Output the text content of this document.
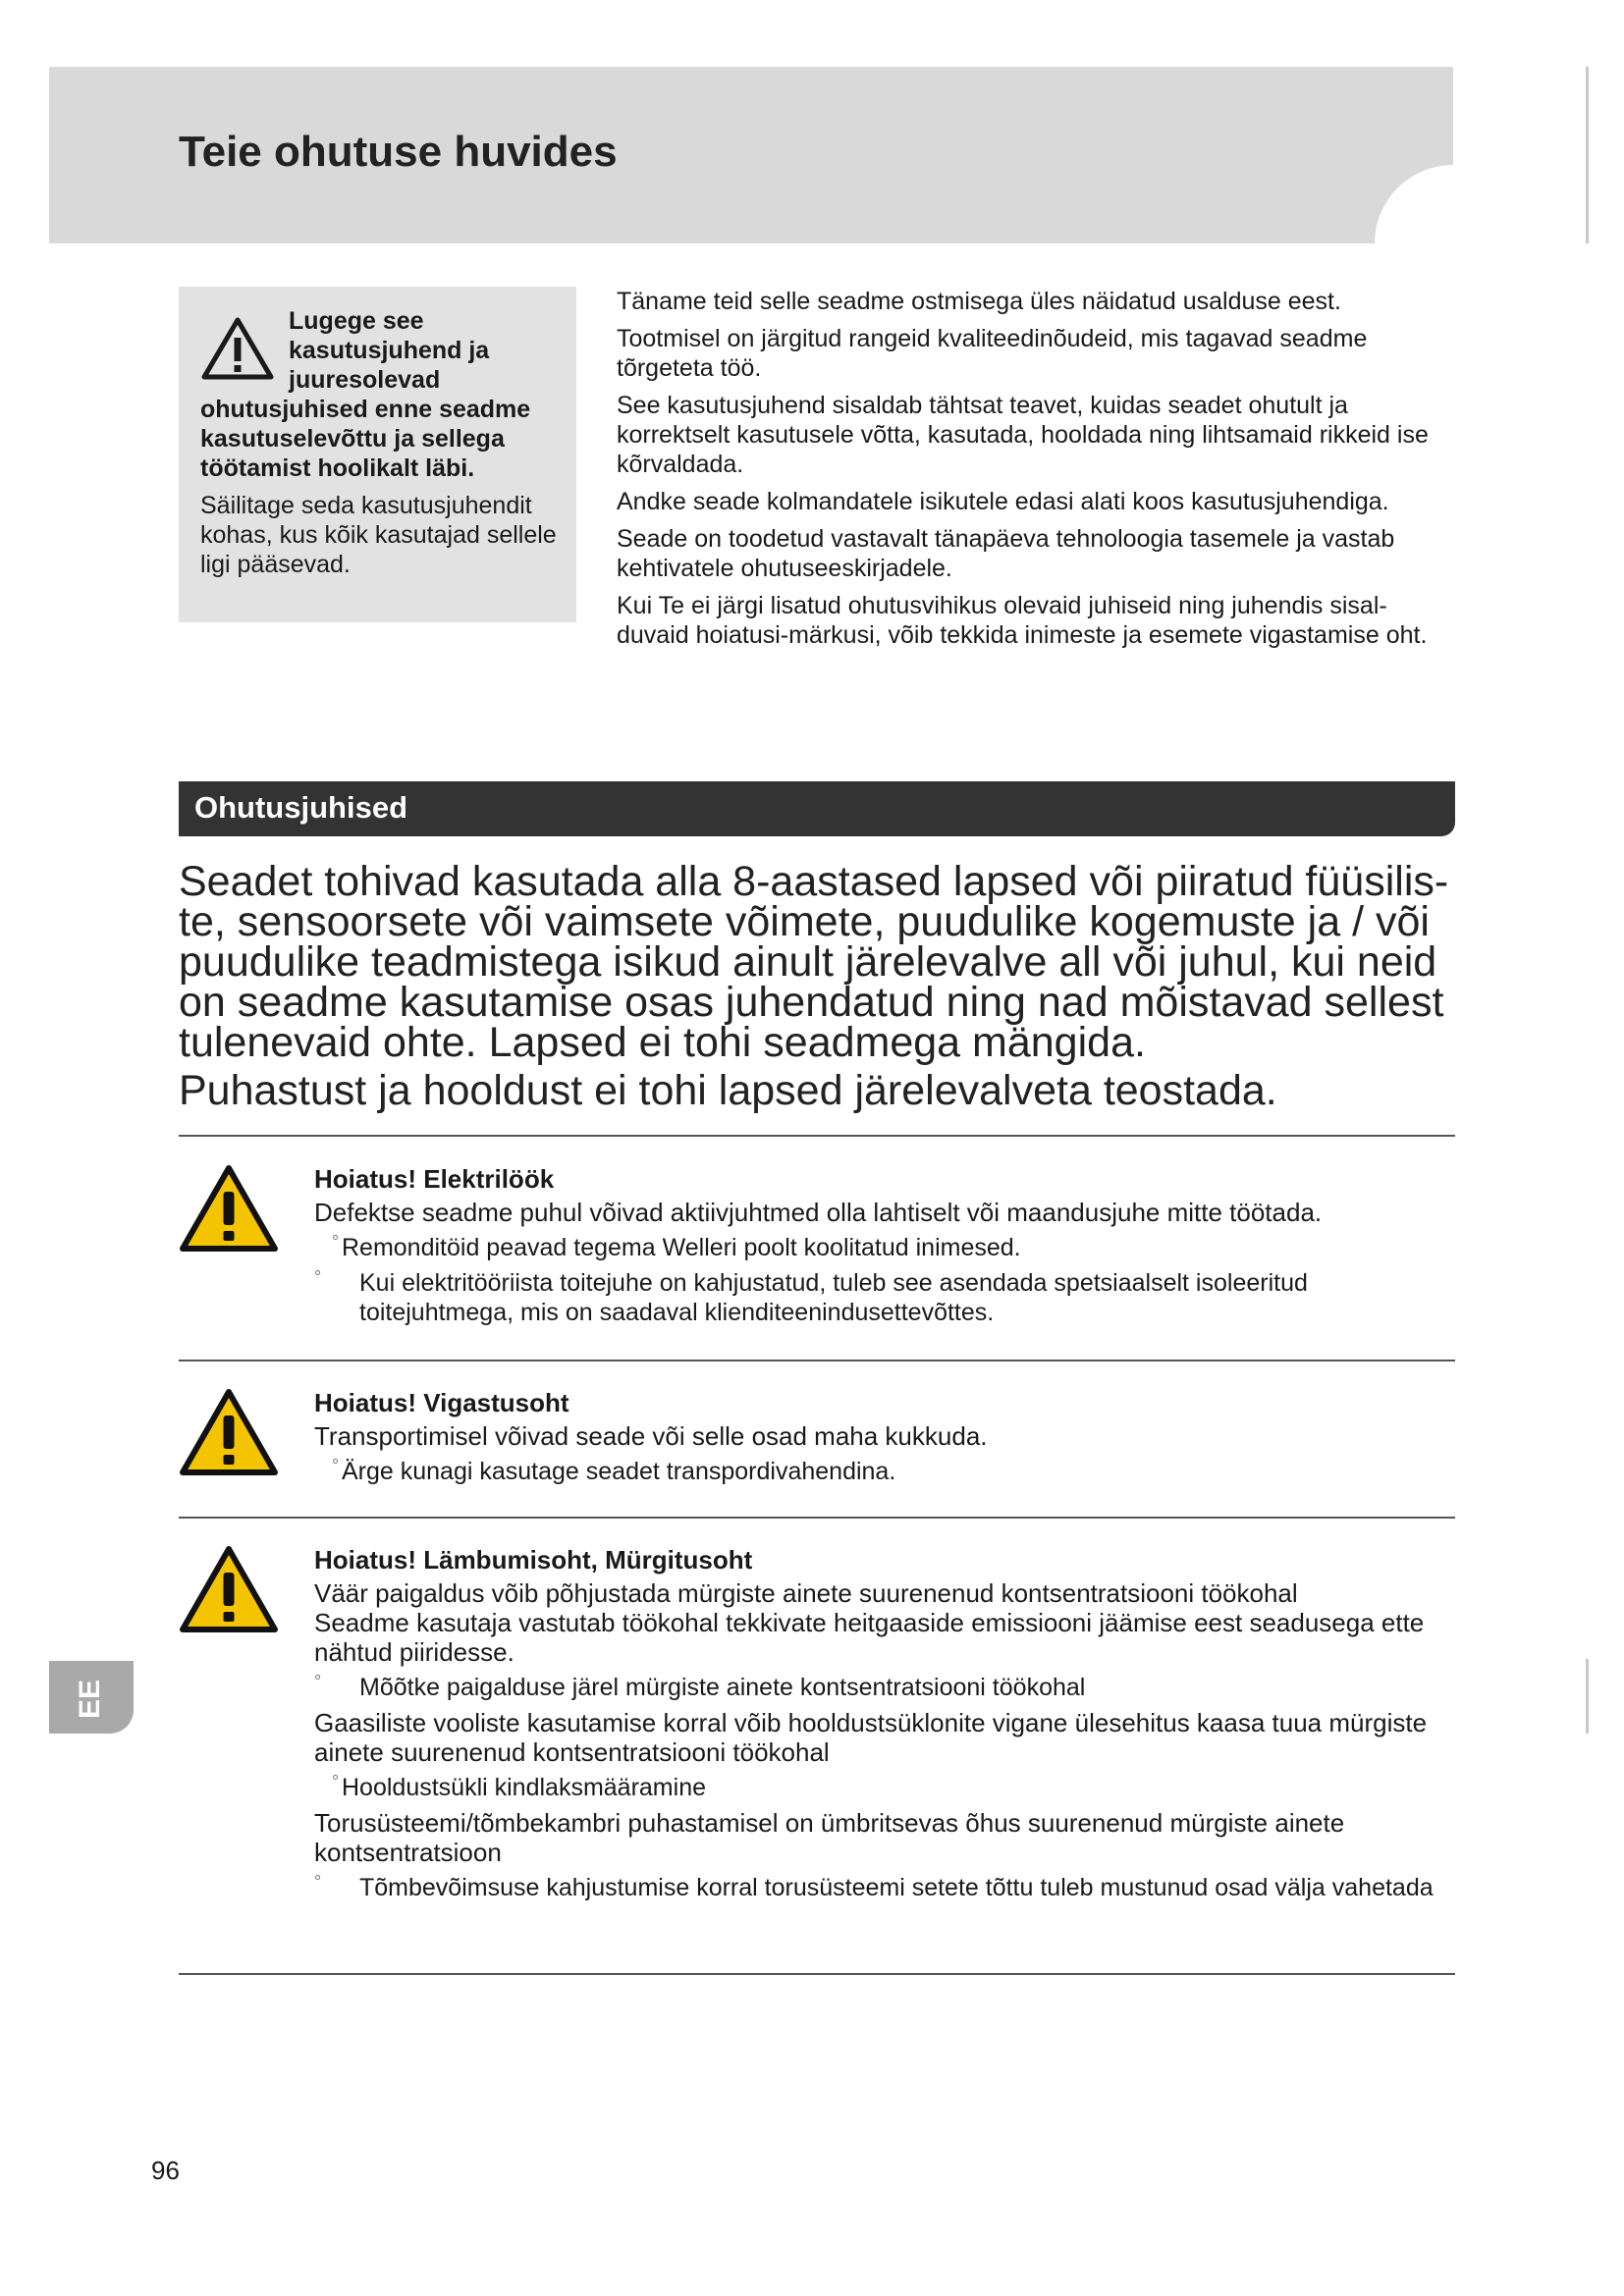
Teie ohutuse huvides
Lugege see kasutusjuhend ja juuresolevad
ohutusjuhised enne seadme kasutuselevõttu ja sellega töötamist hoolikalt läbi.
Säilitage seda kasutusjuhendit kohas, kus kõik kasutajad sellele ligi pääsevad.

Täname teid selle seadme ostmisega üles näidatud usalduse eest.

Tootmisel on järgitud rangeid kvaliteedinõudeid, mis tagavad seadme tõrgeteta töö.

See kasutusjuhend sisaldab tähtsat teavet, kuidas seadet ohutult ja korrektselt kasutusele võtta, kasutada, hooldada ning lihtsamaid rikkeid ise kõrvaldada.

Andke seade kolmandatele isikutele edasi alati koos kasutusjuhendiga.

Seade on toodetud vastavalt tänapäeva tehnoloogia tasemele ja vastab kehtivatele ohutuseeskirjadele.

Kui Te ei järgi lisatud ohutusvihikus olevaid juhiseid ning juhendis sisal-duvaid hoiatusi-märkusi, võib tekkida inimeste ja esemete vigastamise oht.

Ohutusjuhised

Seadet tohivad kasutada alla 8-aastased lapsed või piiratud füüsilis-te, sensoorsete või vaimsete võimete, puudulike kogemuste ja / või puudulike teadmistega isikud ainult järelevalve all või juhul, kui neid on seadme kasutamise osas juhendatud ning nad mõistavad sellest tulenevaid ohte. Lapsed ei tohi seadmega mängida.

Puhastust ja hooldust ei tohi lapsed järelevalveta teostada.

Hoiatus! Elektrilöök

Defektse seadme puhul võivad aktiivjuhtmed olla lahtiselt või maandusjuhe mitte töötada.

° Remonditöid peavad tegema Welleri poolt koolitatud inimesed.

° Kui elektritööriista toitejuhe on kahjustatud, tuleb see asendada spetsiaalselt isoleeritud toitejuhtmega, mis on saadaval klienditeenindusettevõttes.

Hoiatus! Vigastusoht

Transportimisel võivad seade või selle osad maha kukkuda.

° Ärge kunagi kasutage seadet transpordivahendina.

Hoiatus! Lämbumisoht, Mürgitusoht

Väär paigaldus võib põhjustada mürgiste ainete suurenenud kontsentratsiooni töökohal

Seadme kasutaja vastutab töökohal tekkivate heitgaaside emissiooni jäämise eest seadusega ette nähtud piiridesse.

° Mõõtke paigalduse järel mürgiste ainete kontsentratsiooni töökohal

Gaasiliste vooliste kasutamise korral võib hooldustsüklonite vigane ülesehitus kaasa tuua mürgiste ainete suurenenud kontsentratsiooni töökohal

° Hooldustsükli kindlaksmääramine

Torusüsteemi/tõmbekambri puhastamisel on ümbritsevas õhus suurenenud mürgiste ainete kontsentratsioon

° Tõmbevõimsuse kahjustumise korral torusüsteemi setete tõttu tuleb mustunud osad välja vahetada

EE
96
